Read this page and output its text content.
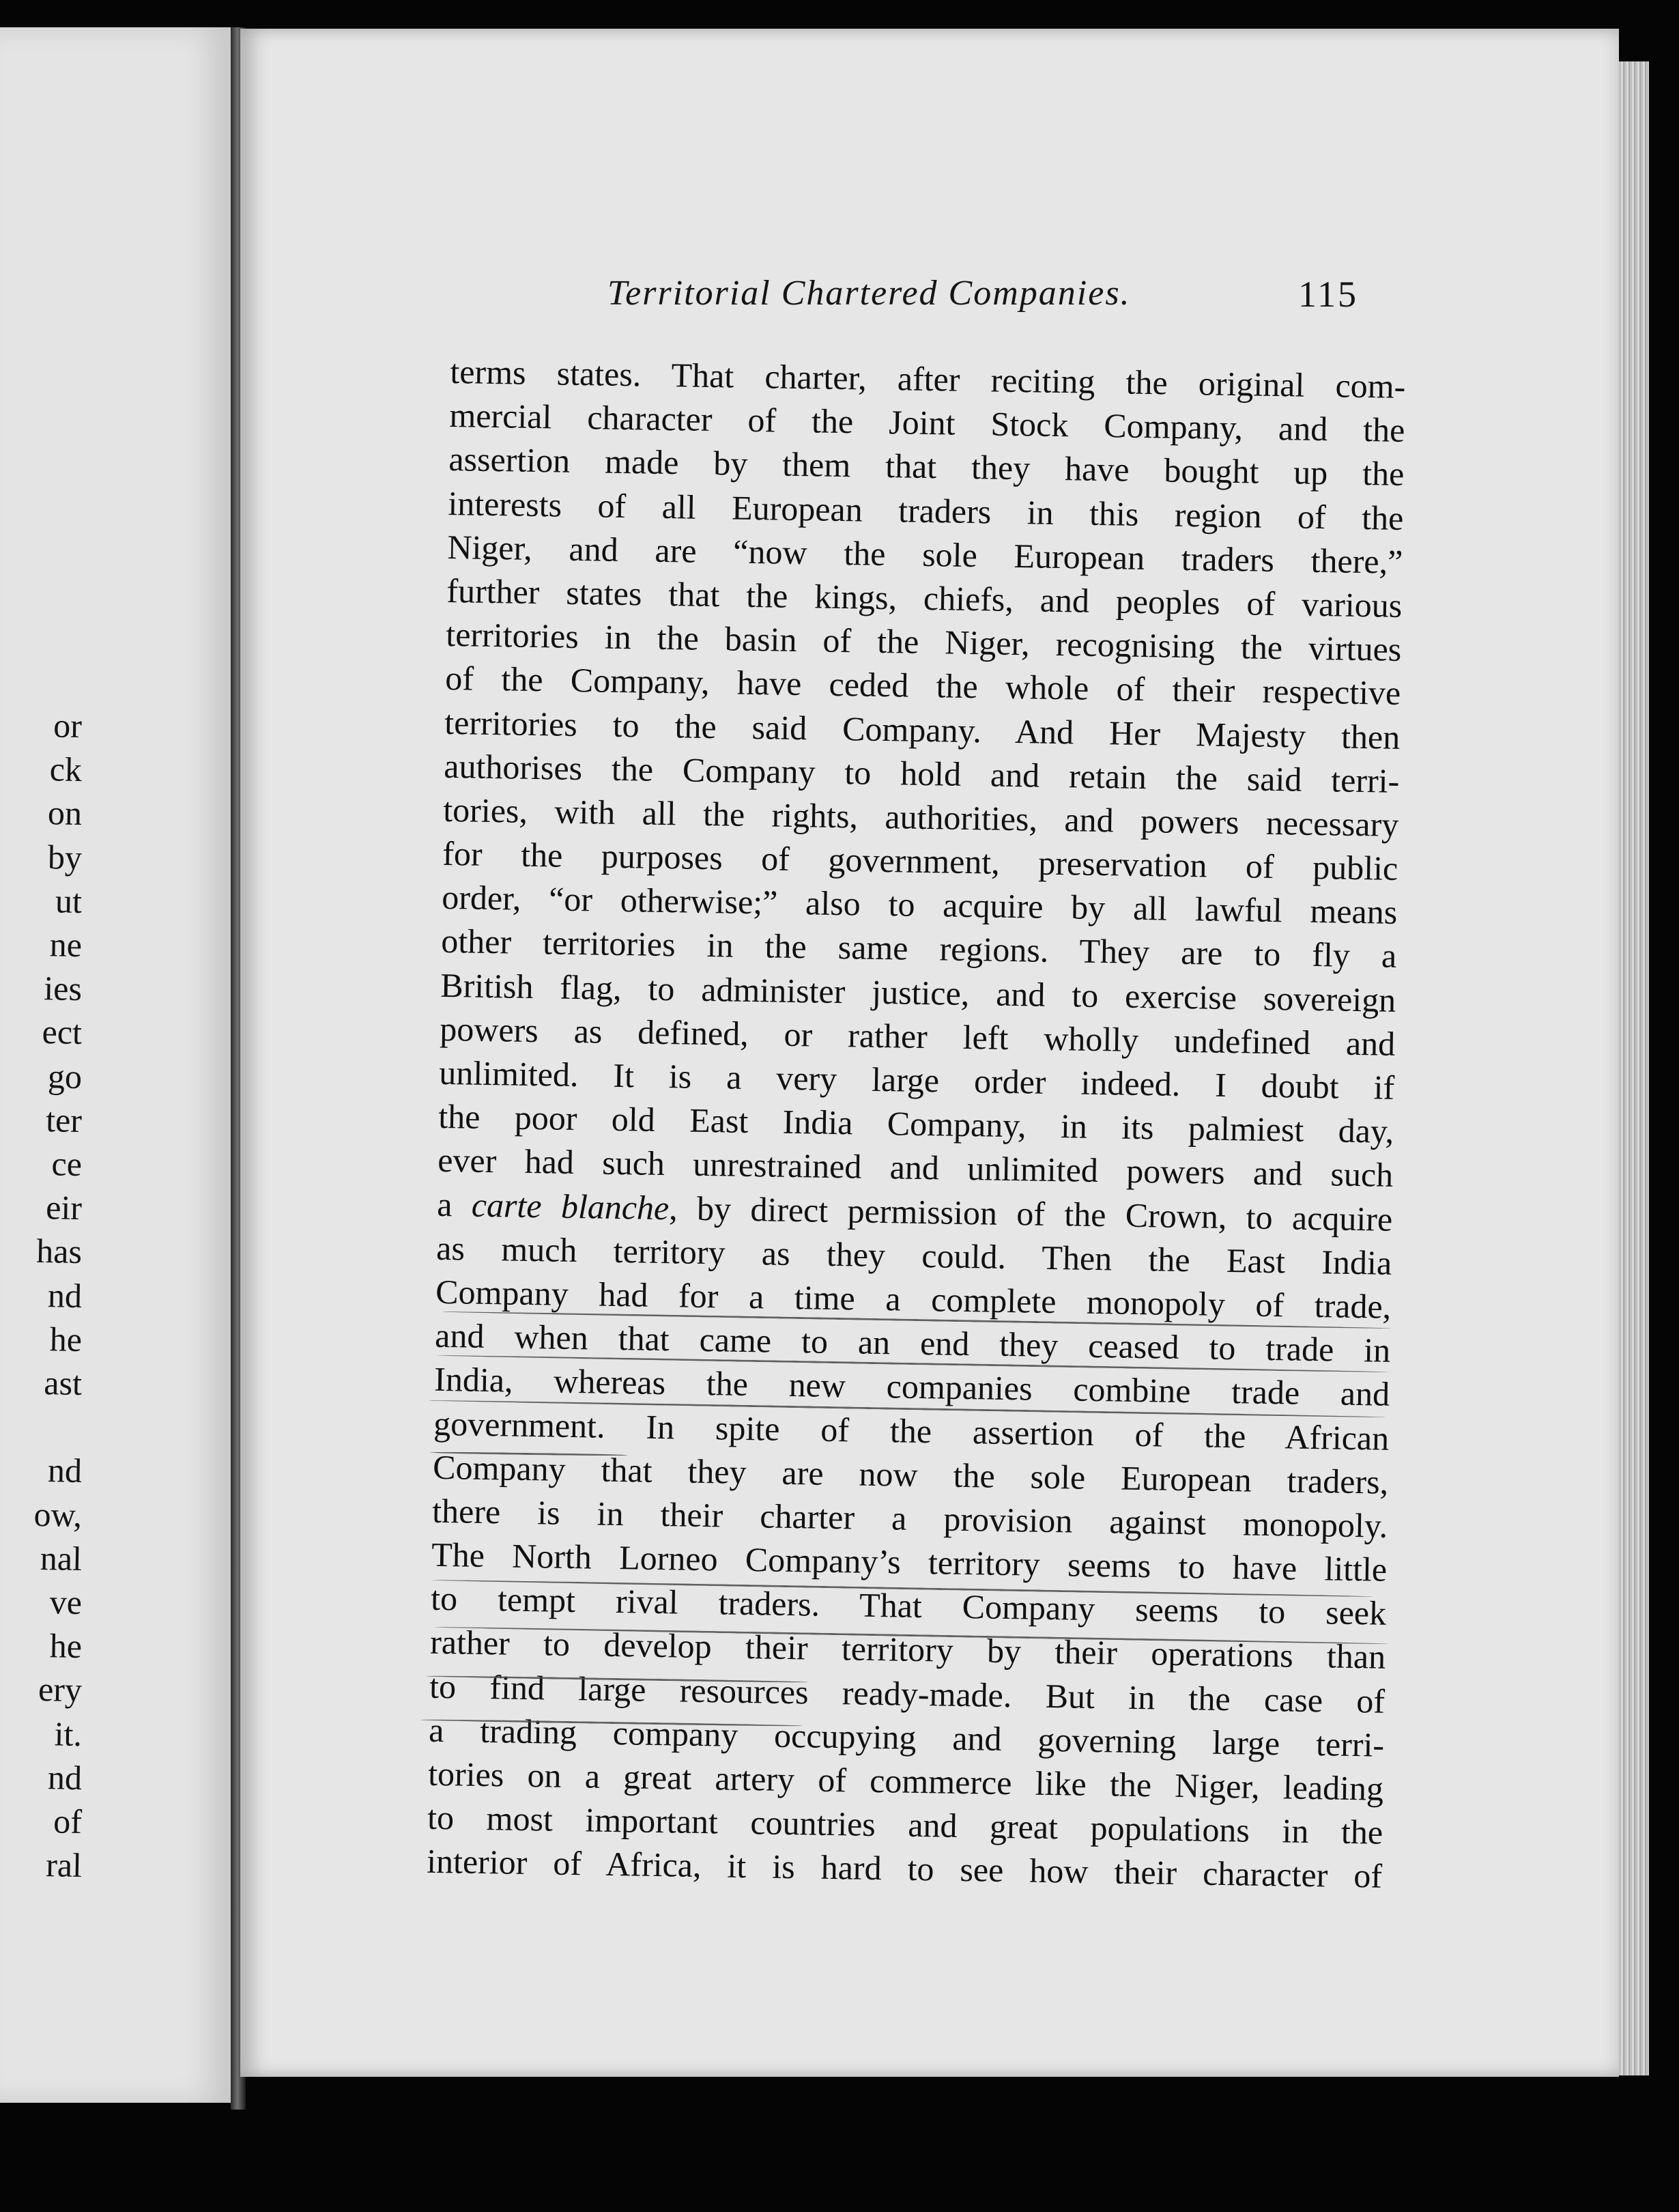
or
ck
on
by
ut
ne
ies
ect
go
ter
ce
eir
has
nd
he
ast
nd
ow,
nal
ve
he
ery
it.
nd
of
ral
Territorial Chartered Companies.	115
terms states. That charter, after reciting the original com-
mercial character of the Joint Stock Company, and the
assertion made by them that they have bought up the
interests of all European traders in this region of the
Niger, and are “now the sole European traders there,”
further states that the kings, chiefs, and peoples of various
territories in the basin of the Niger, recognising the virtues
of the Company, have ceded the whole of their respective
territories to the said Company. And Her Majesty then
authorises the Company to hold and retain the said terri-
tories, with all the rights, authorities, and powers necessary
for the purposes of government, preservation of public
order, “or otherwise;” also to acquire by all lawful means
other territories in the same regions. They are to fly a
British flag, to administer justice, and to exercise sovereign
powers as defined, or rather left wholly undefined and
unlimited. It is a very large order indeed. I doubt if
the poor old East India Company, in its palmiest day,
ever had such unrestrained and unlimited powers and such
a carte blanche, by direct permission of the Crown, to acquire
as much territory as they could. Then the East India
Company had for a time a complete monopoly of trade,
and when that came to an end they ceased to trade in
India, whereas the new companies combine trade and
government. In spite of the assertion of the African
Company that they are now the sole European traders,
there is in their charter a provision against monopoly.
The North Lorneo Company’s territory seems to have little
to tempt rival traders. That Company seems to seek
rather to develop their territory by their operations than
to find large resources ready-made. But in the case of
a trading company occupying and governing large terri-
tories on a great artery of commerce like the Niger, leading
to most important countries and great populations in the
interior of Africa, it is hard to see how their character of
